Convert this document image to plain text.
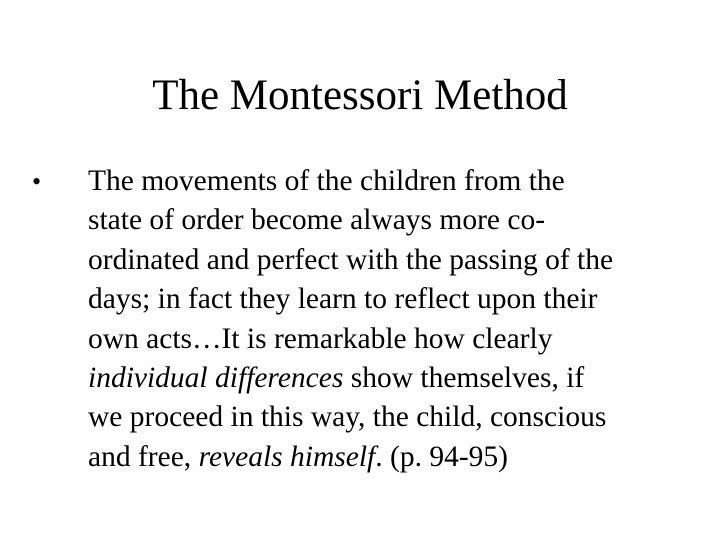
The Montessori Method
• The movements of the children from the
state of order become always more co-
ordinated and perfect with the passing of the
days; in fact they learn to reflect upon their
own acts…It is remarkable how clearly
individual differences show themselves, if
we proceed in this way, the child, conscious
and free, reveals himself. (p. 94-95)
